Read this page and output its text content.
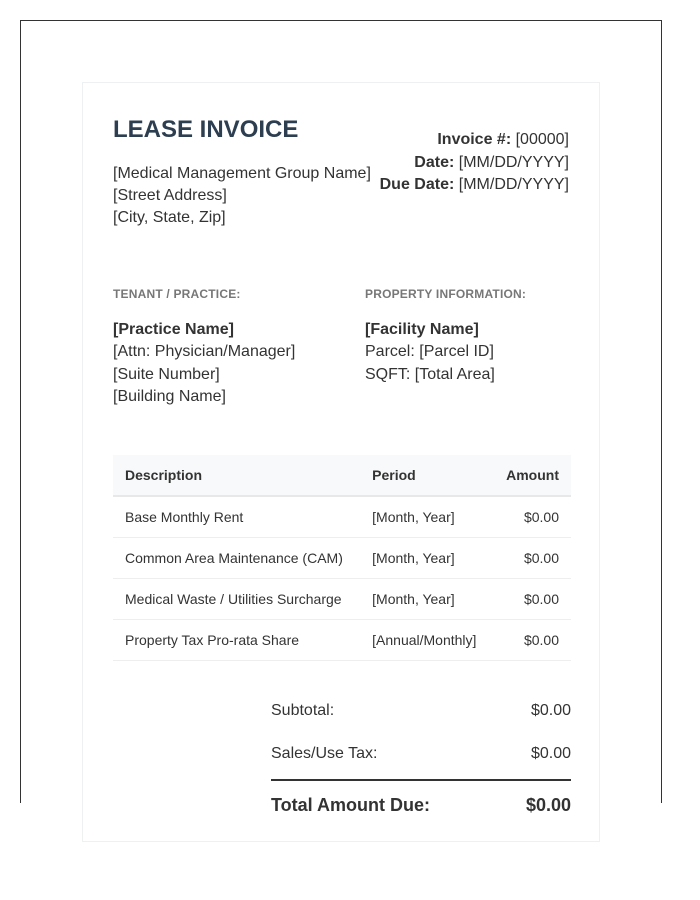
LEASE INVOICE
[Medical Management Group Name]
[Street Address]
[City, State, Zip]
Invoice #: [00000]
Date: [MM/DD/YYYY]
Due Date: [MM/DD/YYYY]
TENANT / PRACTICE:	PROPERTY INFORMATION:
[Practice Name]
[Attn: Physician/Manager]
[Suite Number]
[Building Name]
[Facility Name]
Parcel: [Parcel ID]
SQFT: [Total Area]
Description	Period	Amount
Base Monthly Rent	[Month, Year]	$0.00
Common Area Maintenance (CAM)	[Month, Year]	$0.00
Medical Waste / Utilities Surcharge	[Month, Year]	$0.00
Property Tax Pro-rata Share	[Annual/Monthly]	$0.00
Subtotal:	$0.00
Sales/Use Tax:	$0.00
Total Amount Due:	$0.00
